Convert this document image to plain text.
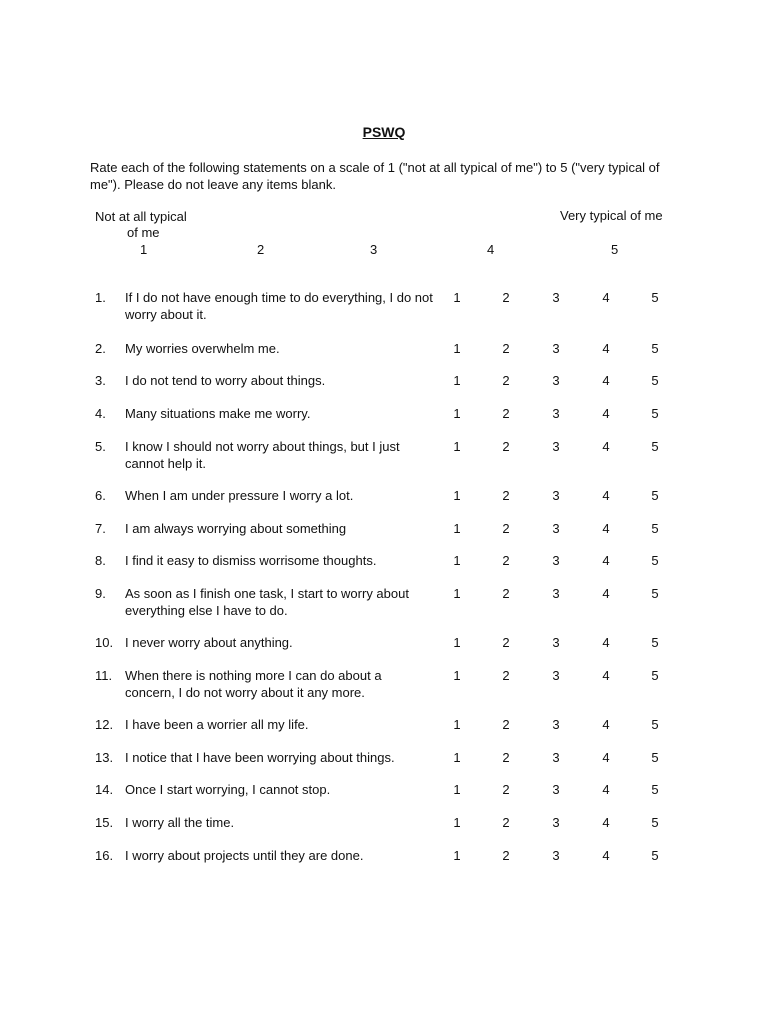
PSWQ
Rate each of the following statements on a scale of 1 ("not at all typical of me") to 5 ("very typical of me"). Please do not leave any items blank.
Not at all typical
of me
Very typical of me
1	2	3	4	5
1. If I do not have enough time to do everything, I do not worry about it.
1	2	3	4	5
2. My worries overwhelm me.	1	2	3	4	5
3. I do not tend to worry about things.	1	2	3	4	5
4. Many situations make me worry.	1	2	3	4	5
5. I know I should not worry about things, but I just cannot help it.
1	2	3	4	5
6. When I am under pressure I worry a lot.	1	2	3	4	5
7. I am always worrying about something	1	2	3	4	5
8. I find it easy to dismiss worrisome thoughts.	1	2	3	4	5
9. As soon as I finish one task, I start to worry about everything else I have to do.
1	2	3	4	5
10. I never worry about anything.	1	2	3	4	5
11. When there is nothing more I can do about a concern, I do not worry about it any more.
1	2	3	4	5
12. I have been a worrier all my life.	1	2	3	4	5
13. I notice that I have been worrying about things.	1	2	3	4	5
14. Once I start worrying, I cannot stop.	1	2	3	4	5
15. I worry all the time.	1	2	3	4	5
16. I worry about projects until they are done.	1	2	3	4	5
